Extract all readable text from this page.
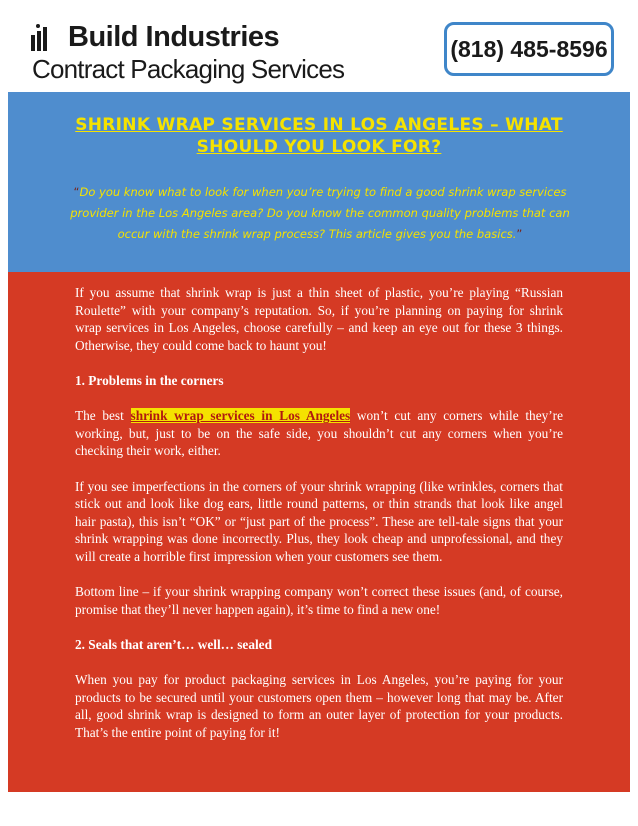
Build Industries
Contract Packaging Services
(818) 485-8596
SHRINK WRAP SERVICES IN LOS ANGELES – WHAT SHOULD YOU LOOK FOR?
“Do you know what to look for when you’re trying to find a good shrink wrap services provider in the Los Angeles area? Do you know the common quality problems that can occur with the shrink wrap process? This article gives you the basics.”

If you assume that shrink wrap is just a thin sheet of plastic, you’re playing “Russian Roulette” with your company’s reputation. So, if you’re planning on paying for shrink wrap services in Los Angeles, choose carefully – and keep an eye out for these 3 things. Otherwise, they could come back to haunt you!

1. Problems in the corners

The best shrink wrap services in Los Angeles won’t cut any corners while they’re working, but, just to be on the safe side, you shouldn’t cut any corners when you’re checking their work, either.

If you see imperfections in the corners of your shrink wrapping (like wrinkles, corners that stick out and look like dog ears, little round patterns, or thin strands that look like angel hair pasta), this isn’t “OK” or “just part of the process”. These are tell-tale signs that your shrink wrapping was done incorrectly. Plus, they look cheap and unprofessional, and they will create a horrible first impression when your customers see them.

Bottom line – if your shrink wrapping company won’t correct these issues (and, of course, promise that they’ll never happen again), it’s time to find a new one!

2. Seals that aren’t… well… sealed

When you pay for product packaging services in Los Angeles, you’re paying for your products to be secured until your customers open them – however long that may be. After all, good shrink wrap is designed to form an outer layer of protection for your products. That’s the entire point of paying for it!
